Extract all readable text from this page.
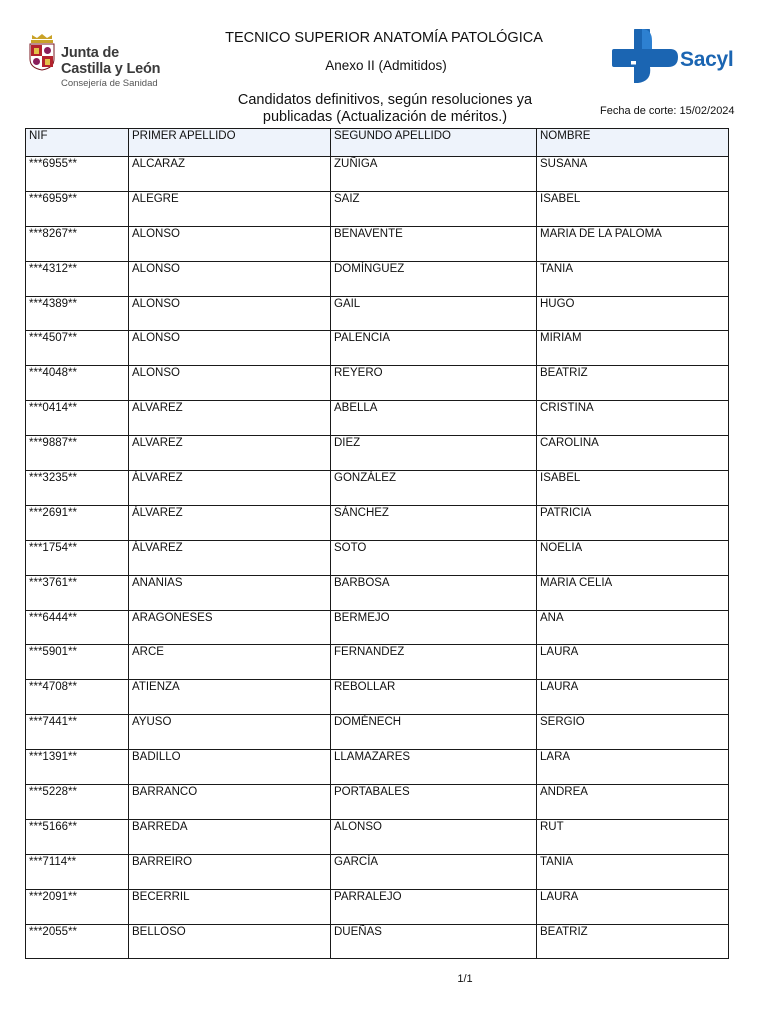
Junta de
Castilla y León
Consejería de Sanidad
TECNICO SUPERIOR ANATOMÍA PATOLÓGICA
Anexo II (Admitidos)
Candidatos definitivos, según resoluciones ya
publicadas (Actualización de méritos.)
Sacyl
Fecha de corte: 15/02/2024
NIF	PRIMER APELLIDO	SEGUNDO APELLIDO	NOMBRE
***6955**	ALCARAZ	ZUÑIGA	SUSANA
***6959**	ALEGRE	SAIZ	ISABEL
***8267**	ALONSO	BENAVENTE	MARIA DE LA PALOMA
***4312**	ALONSO	DOMÍNGUEZ	TANIA
***4389**	ALONSO	GAIL	HUGO
***4507**	ALONSO	PALENCIA	MIRIAM
***4048**	ALONSO	REYERO	BEATRIZ
***0414**	ALVAREZ	ABELLA	CRISTINA
***9887**	ALVAREZ	DIEZ	CAROLINA
***3235**	ÁLVAREZ	GONZÁLEZ	ISABEL
***2691**	ÁLVAREZ	SÁNCHEZ	PATRICIA
***1754**	ÁLVAREZ	SOTO	NOELIA
***3761**	ANANIAS	BARBOSA	MARIA CELIA
***6444**	ARAGONESES	BERMEJO	ANA
***5901**	ARCE	FERNANDEZ	LAURA
***4708**	ATIENZA	REBOLLAR	LAURA
***7441**	AYUSO	DOMÈNECH	SERGIO
***1391**	BADILLO	LLAMAZARES	LARA
***5228**	BARRANCO	PORTABALES	ANDREA
***5166**	BARREDA	ALONSO	RUT
***7114**	BARREIRO	GARCÍA	TANIA
***2091**	BECERRIL	PARRALEJO	LAURA
***2055**	BELLOSO	DUEÑAS	BEATRIZ
1/1
